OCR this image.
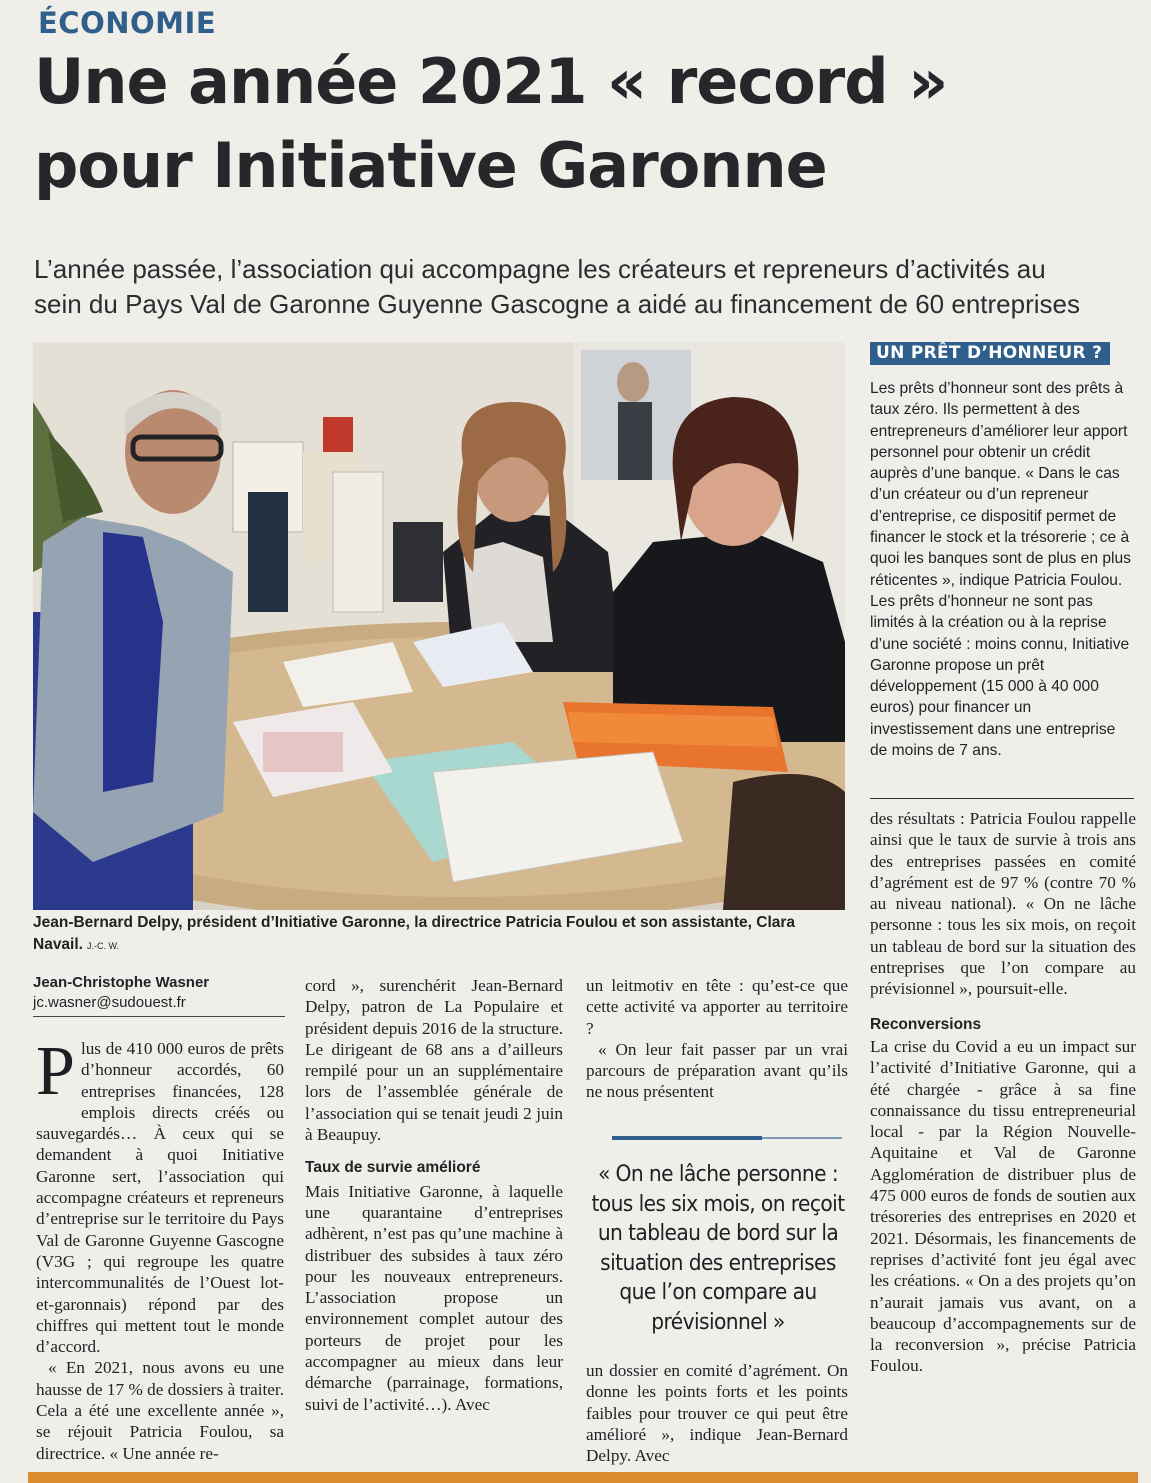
ÉCONOMIE
Une année 2021 « record »
pour Initiative Garonne
L’année passée, l’association qui accompagne les créateurs et repreneurs d’activités au
sein du Pays Val de Garonne Guyenne Gascogne a aidé au financement de 60 entreprises
Jean-Bernard Delpy, président d’Initiative Garonne, la directrice Patricia Foulou et son assistante, Clara Navail. J.-C. W.
Jean-Christophe Wasner
jc.wasner@sudouest.fr
P lus de 410 000 euros de prêts d’honneur accordés, 60 entreprises financées, 128 emplois directs créés ou sauvegardés… À ceux qui se demandent à quoi Initiative Garonne sert, l’association qui accompagne créateurs et repreneurs d’entreprise sur le territoire du Pays Val de Garonne Guyenne Gascogne (V3G ; qui regroupe les quatre intercommunalités de l’Ouest lot-et-garonnais) répond par des chiffres qui mettent tout le monde d’accord.

« En 2021, nous avons eu une hausse de 17 % de dossiers à traiter. Cela a été une excellente année », se réjouit Patricia Foulou, sa directrice. « Une année re-

cord », surenchérit Jean-Bernard Delpy, patron de La Populaire et président depuis 2016 de la structure. Le dirigeant de 68 ans a d’ailleurs rempilé pour un an supplémentaire lors de l’assemblée générale de l’association qui se tenait jeudi 2 juin à Beaupuy.

Taux de survie amélioré

Mais Initiative Garonne, à laquelle une quarantaine d’entreprises adhèrent, n’est pas qu’une machine à distribuer des subsides à taux zéro pour les nouveaux entrepreneurs. L’association propose un environnement complet autour des porteurs de projet pour les accompagner au mieux dans leur démarche (parrainage, formations, suivi de l’activité…). Avec

un leitmotiv en tête : qu’est-ce que cette activité va apporter au territoire ?

« On leur fait passer par un vrai parcours de préparation avant qu’ils ne nous présentent

« On ne lâche personne : tous les six mois, on reçoit un tableau de bord sur la situation des entreprises que l’on compare au prévisionnel »

un dossier en comité d’agrément. On donne les points forts et les points faibles pour trouver ce qui peut être amélioré », indique Jean-Bernard Delpy. Avec

UN PRÊT D’HONNEUR ?
Les prêts d’honneur sont des prêts à taux zéro. Ils permettent à des entrepreneurs d’améliorer leur apport personnel pour obtenir un crédit auprès d’une banque. « Dans le cas d’un créateur ou d’un repreneur d’entreprise, ce dispositif permet de financer le stock et la trésorerie ; ce à quoi les banques sont de plus en plus réticentes », indique Patricia Foulou. Les prêts d’honneur ne sont pas limités à la création ou à la reprise d’une société : moins connu, Initiative Garonne propose un prêt développement (15 000 à 40 000 euros) pour financer un investissement dans une entreprise de moins de 7 ans.

des résultats : Patricia Foulou rappelle ainsi que le taux de survie à trois ans des entreprises passées en comité d’agrément est de 97 % (contre 70 % au niveau national). « On ne lâche personne : tous les six mois, on reçoit un tableau de bord sur la situation des entreprises que l’on compare au prévisionnel », poursuit-elle.

Reconversions

La crise du Covid a eu un impact sur l’activité d’Initiative Garonne, qui a été chargée - grâce à sa fine connaissance du tissu entrepreneurial local - par la Région Nouvelle-Aquitaine et Val de Garonne Agglomération de distribuer plus de 475 000 euros de fonds de soutien aux trésoreries des entreprises en 2020 et 2021. Désormais, les financements de reprises d’activité font jeu égal avec les créations. « On a des projets qu’on n’aurait jamais vus avant, on a beaucoup d’accompagnements sur de la reconversion », précise Patricia Foulou.
